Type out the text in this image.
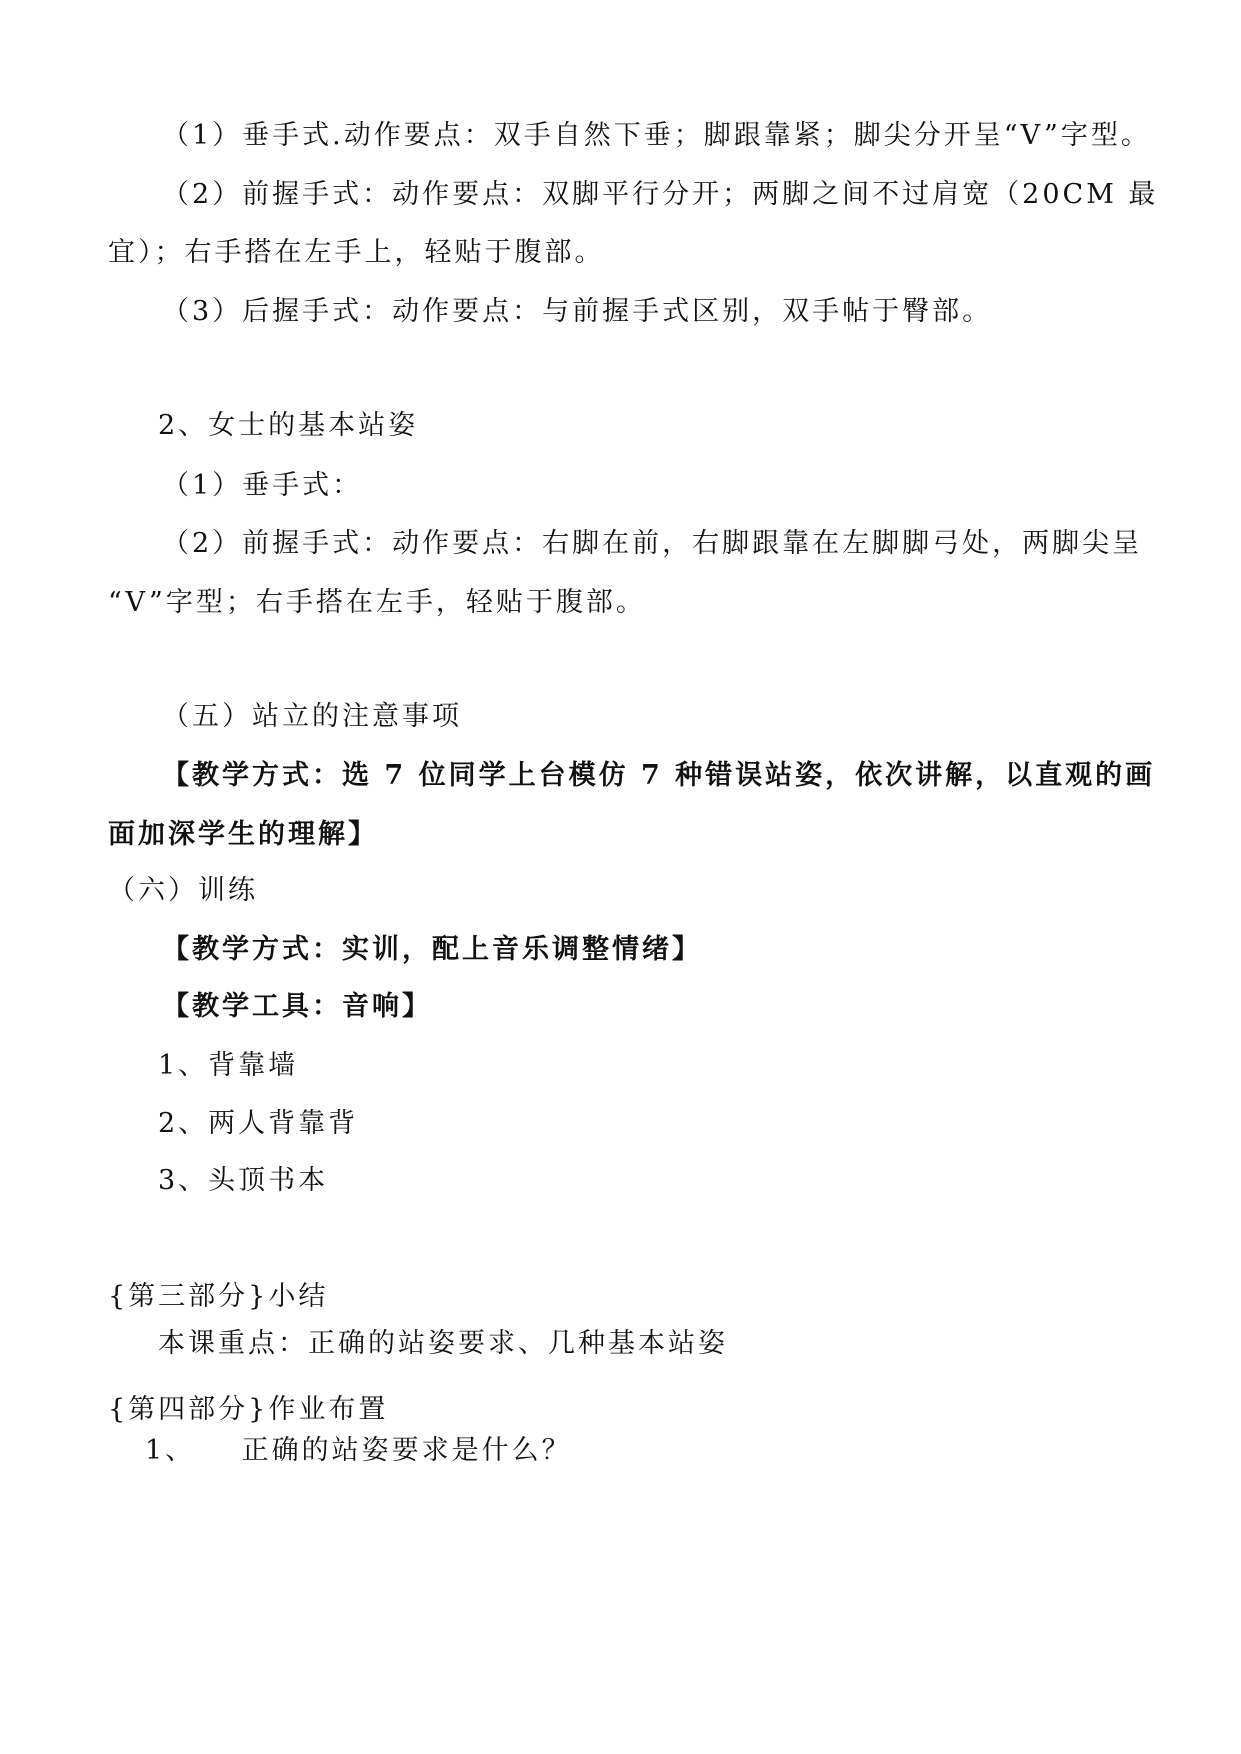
（1）垂手式.动作要点：双手自然下垂；脚跟靠紧；脚尖分开呈“V”字型。
（2）前握手式：动作要点：双脚平行分开；两脚之间不过肩宽（20CM 最
宜）；右手搭在左手上，轻贴于腹部。
（3）后握手式：动作要点：与前握手式区别，双手帖于臀部。
2、女士的基本站姿
（1）垂手式：
（2）前握手式：动作要点：右脚在前，右脚跟靠在左脚脚弓处，两脚尖呈
“V”字型；右手搭在左手，轻贴于腹部。
（五）站立的注意事项
【教学方式：选 7 位同学上台模仿 7 种错误站姿，依次讲解，以直观的画
面加深学生的理解】
（六）训练
【教学方式：实训，配上音乐调整情绪】
【教学工具：音响】
1、背靠墙
2、两人背靠背
3、头顶书本
{第三部分}小结
本课重点：正确的站姿要求、几种基本站姿
{第四部分}作业布置
1、　　正确的站姿要求是什么？
